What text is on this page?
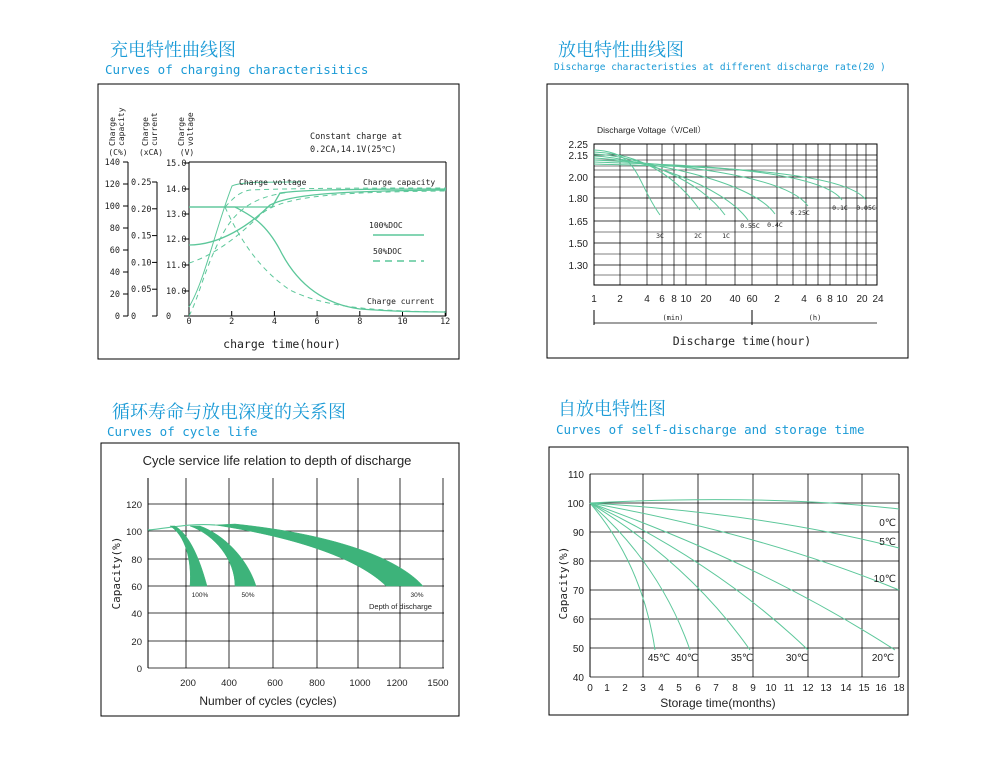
充电特性曲线图
Curves of charging characterisitics
放电特性曲线图
Discharge characteristies at different discharge rate(20 )
循环寿命与放电深度的关系图
Curves of cycle life
自放电特性图
Curves of self-discharge and storage time
Charge capacity
(C%)
Charge current
(xCA)
Charge voltage
(V)
140
120
100
80
60
40
20
0
0.25
0.20
0.15
0.10
0.05
0
15.0
14.0
13.0
12.0
11.0
10.0
0 0	2	4	6	8	10	12
charge time(hour)
Constant charge at
0.2CA,14.1V(25℃)
Charge voltage	Charge capacity
Charge current
100%DOC
50%DOC
Discharge Voltage（V/Cell）
2.25
2.15
2.00
1.80
1.65
1.50
1.30
1 2 4 6 8 10 20 40 60 2 4 6 8 10 20 24
(min)	(h)
Discharge time(hour)
3C	2C	1C
0.55C 0.4C
0.25C
0.1C 0.05C
Cycle service life relation to depth of discharge
120
100
80
60
40
20
0
200	400	600	800	1000 1200 1500
Number of cycles (cycles)
Capacity(%)	100%	50%	30%
Depth of discharge
110
100
90
80
70
60
50
40
0 1 2 3 4 5 6 7 8 9 10 11 12 13 14 15 16 18
Storage time(months)
Capacity(%)
0℃
5℃
10℃
20℃
30℃
35℃
40℃
45℃
